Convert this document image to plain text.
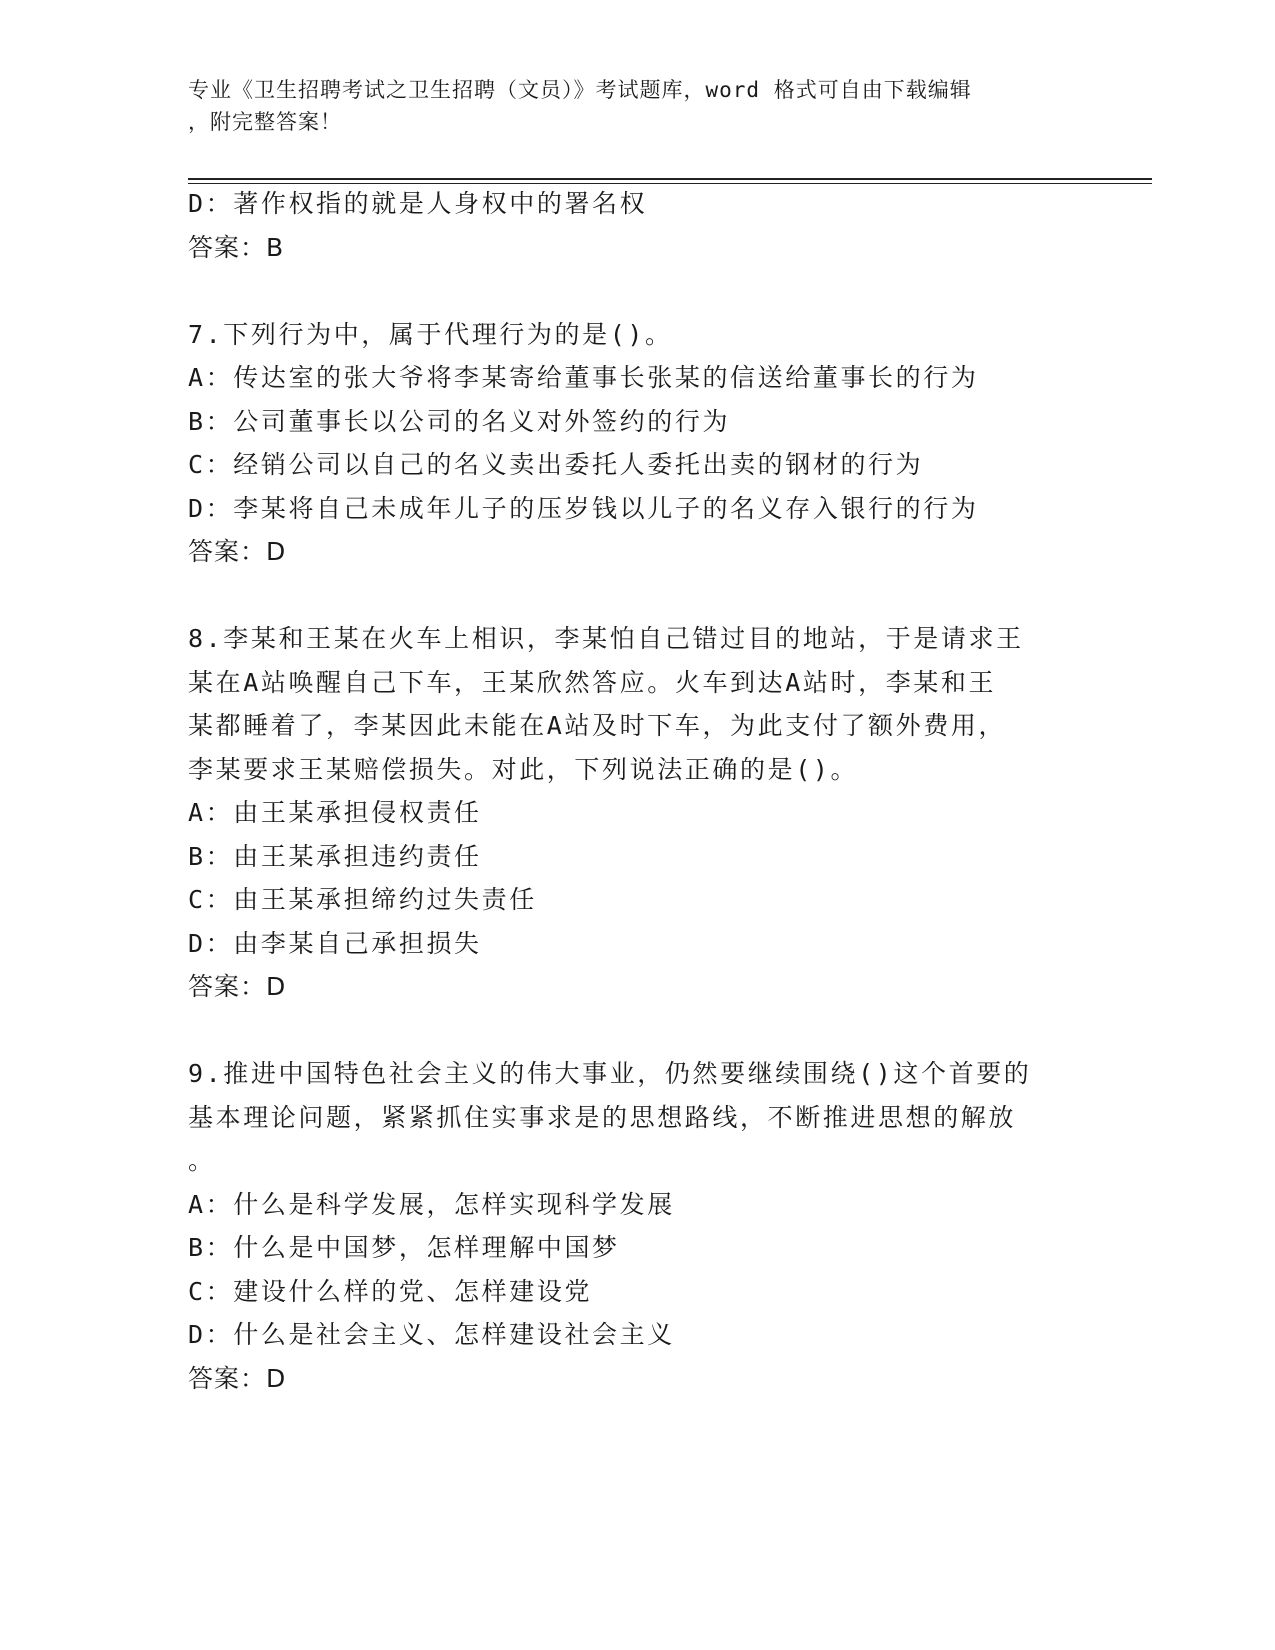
专业《卫生招聘考试之卫生招聘（文员）》考试题库，word 格式可自由下载编辑
，附完整答案！
D：著作权指的就是人身权中的署名权
答案：B
7.下列行为中，属于代理行为的是()。
A：传达室的张大爷将李某寄给董事长张某的信送给董事长的行为
B：公司董事长以公司的名义对外签约的行为
C：经销公司以自己的名义卖出委托人委托出卖的钢材的行为
D：李某将自己未成年儿子的压岁钱以儿子的名义存入银行的行为
答案：D
8.李某和王某在火车上相识，李某怕自己错过目的地站，于是请求王
某在A站唤醒自己下车，王某欣然答应。火车到达A站时，李某和王
某都睡着了，李某因此未能在A站及时下车，为此支付了额外费用，
李某要求王某赔偿损失。对此，下列说法正确的是()。
A：由王某承担侵权责任
B：由王某承担违约责任
C：由王某承担缔约过失责任
D：由李某自己承担损失
答案：D
9.推进中国特色社会主义的伟大事业，仍然要继续围绕()这个首要的
基本理论问题，紧紧抓住实事求是的思想路线，不断推进思想的解放
。
A：什么是科学发展，怎样实现科学发展
B：什么是中国梦，怎样理解中国梦
C：建设什么样的党、怎样建设党
D：什么是社会主义、怎样建设社会主义
答案：D
